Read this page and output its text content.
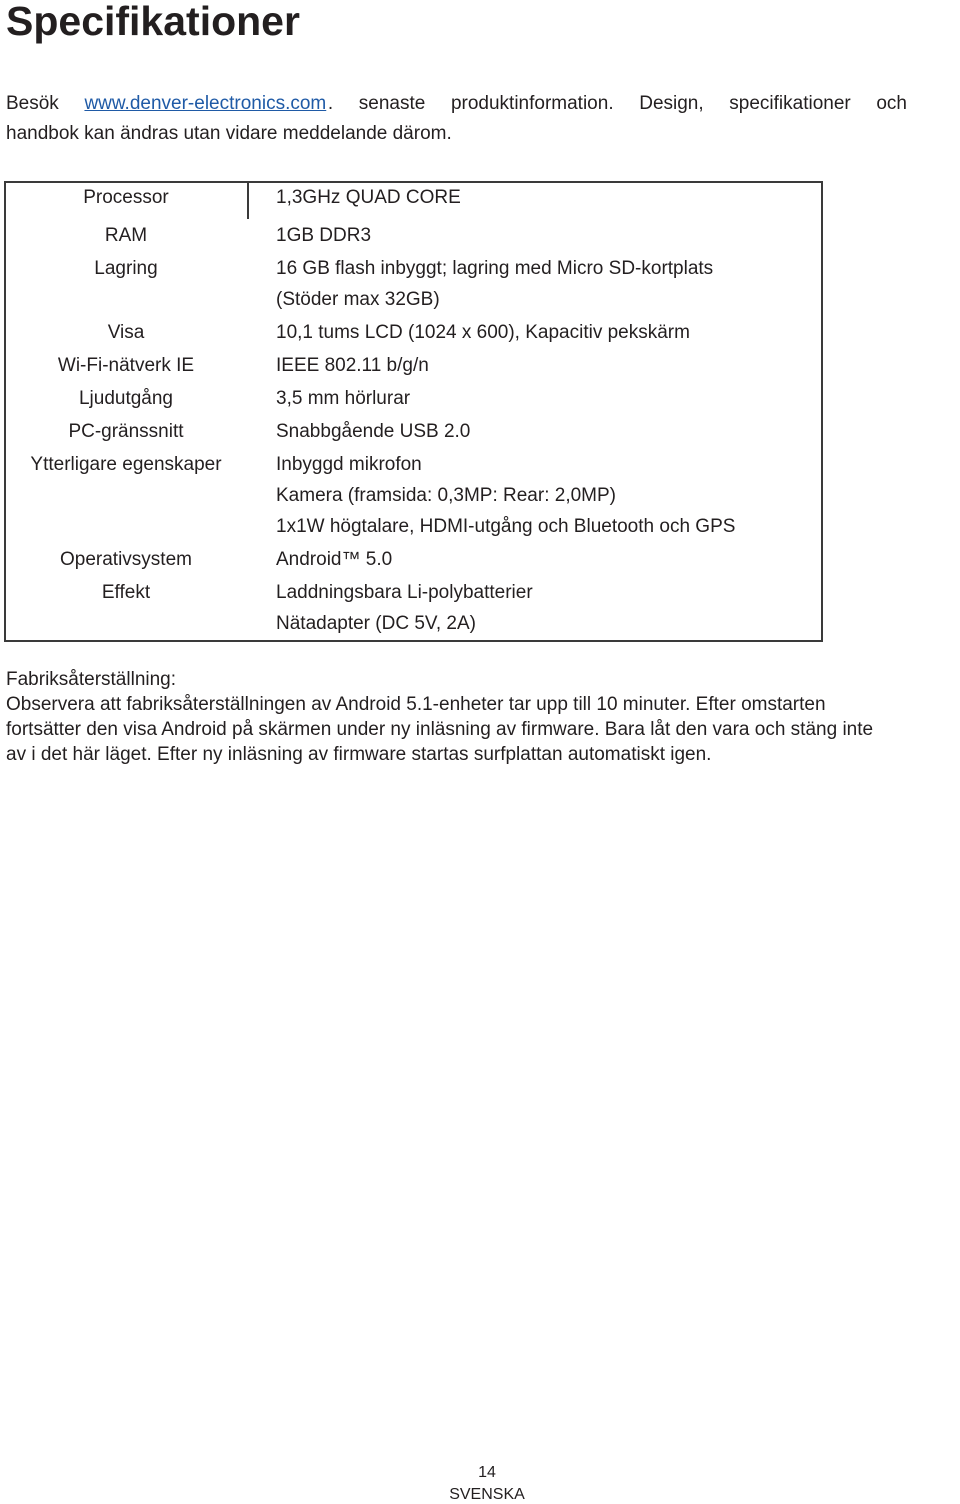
Specifikationer
Besök www.denver-electronics.com . senaste produktinformation. Design, specifikationer och
handbok kan ändras utan vidare meddelande därom.
Processor	1,3GHz QUAD CORE
RAM	1GB DDR3
Lagring	16 GB flash inbyggt; lagring med Micro SD-kortplats
(Stöder max 32GB)
Visa	10,1 tums LCD (1024 x 600), Kapacitiv pekskärm
Wi-Fi-nätverk IE	IEEE 802.11 b/g/n
Ljudutgång	3,5 mm hörlurar
PC-gränssnitt	Snabbgående USB 2.0
Ytterligare egenskaper	Inbyggd mikrofon
Kamera (framsida: 0,3MP: Rear: 2,0MP)
1x1W högtalare, HDMI-utgång och Bluetooth och GPS
Operativsystem	Android™ 5.0
Effekt	Laddningsbara Li-polybatterier
Nätadapter (DC 5V, 2A)
Fabriksåterställning:
Observera att fabriksåterställningen av Android 5.1-enheter tar upp till 10 minuter. Efter omstarten
fortsätter den visa Android på skärmen under ny inläsning av firmware. Bara låt den vara och stäng inte
av i det här läget. Efter ny inläsning av firmware startas surfplattan automatiskt igen.
14
SVENSKA
